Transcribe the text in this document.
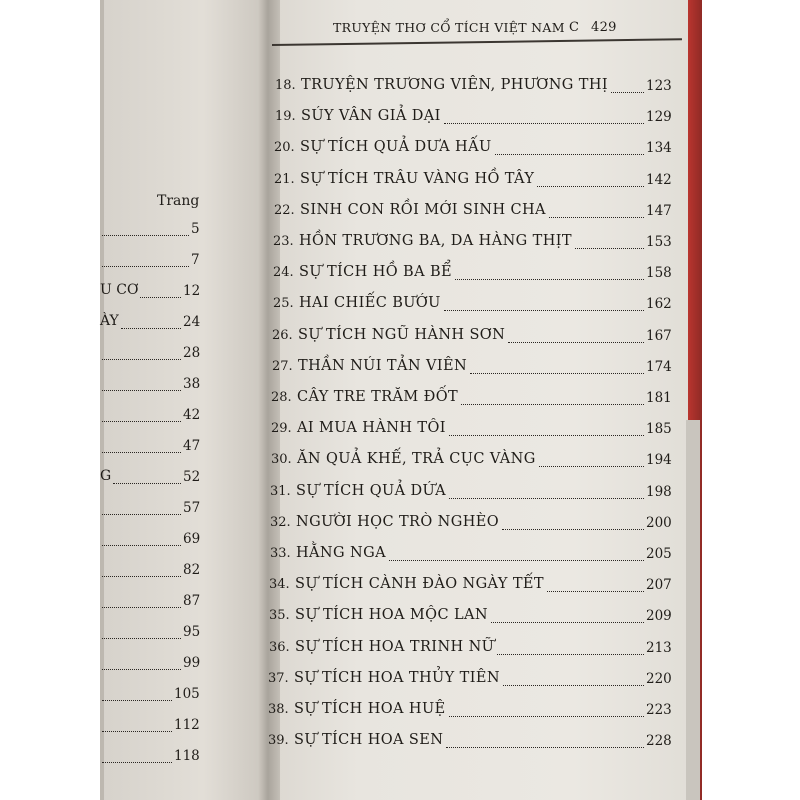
TRUYỆN THƠ CỔ TÍCH VIỆT NAM C 429
Trang
5
7
U CƠ	12
ÀY	24
28
38
42
47
G	52
57
69
82
87
95
99
105
112
118
18. TRUYỆN TRƯƠNG VIÊN, PHƯƠNG THỊ	123
19. SÚY VÂN GIẢ DẠI	129
20. SỰ TÍCH QUẢ DƯA HẤU	134
21. SỰ TÍCH TRÂU VÀNG HỒ TÂY	142
22. SINH CON RỒI MỚI SINH CHA	147
23. HỒN TRƯƠNG BA, DA HÀNG THỊT	153
24. SỰ TÍCH HỒ BA BỂ	158
25. HAI CHIẾC BƯỚU	162
26. SỰ TÍCH NGŨ HÀNH SƠN	167
27. THẦN NÚI TẢN VIÊN	174
28. CÂY TRE TRĂM ĐỐT	181
29. AI MUA HÀNH TÔI	185
30. ĂN QUẢ KHẾ, TRẢ CỤC VÀNG	194
31. SỰ TÍCH QUẢ DỨA	198
32. NGƯỜI HỌC TRÒ NGHÈO	200
33. HẰNG NGA	205
34. SỰ TÍCH CÀNH ĐÀO NGÀY TẾT	207
35. SỰ TÍCH HOA MỘC LAN	209
36. SỰ TÍCH HOA TRINH NỮ	213
37. SỰ TÍCH HOA THỦY TIÊN	220
38. SỰ TÍCH HOA HUỆ	223
39. SỰ TÍCH HOA SEN	228
